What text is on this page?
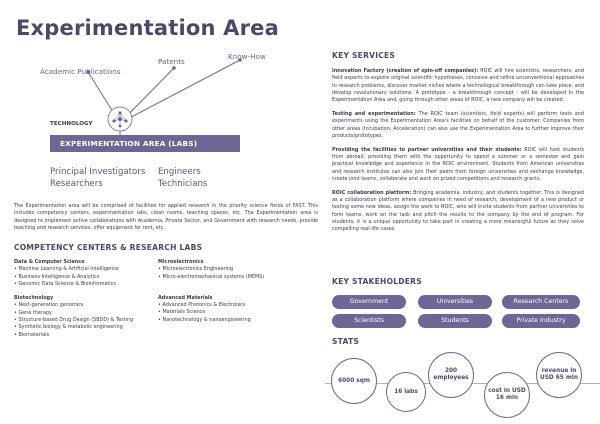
Experimentation Area
Academic Publications
Patents
Know-How
TECHNOLOGY
EXPERIMENTATION AREA (LABS)
Principal Investigators
Researchers
Engineers
Technicians
The Experimentation area will be comprised of facilities for applied research in the priority science fields of FAST. This includes competency centers, experimentation labs, clean rooms, teaching spaces, etc. The Experimentation area is designed to implement active collaborations with Academia, Private Sector, and Government with research needs, provide teaching and research services, offer equipment for rent, etc.
COMPETENCY CENTERS & RESEARCH LABS
Data & Computer Science
• Machine Learning & Artificial Intelligence
• Business Intelligence & Analytics
• Genomic Data Science & Bioinformatics
Biotechnology
• Next-generation genomics
• Gene therapy
• Structure-based Drug Design (SBDD) & Testing
• Synthetic biology & metabolic engineering
• Biomaterials
Microelectronics
• Microelectronics Engineering
• Micro-electromechanical systems (MEMS)
Advanced Materials
• Advanced Photonics & Electronics
• Materials Science
• Nanotechnology & nanoengineering
KEY SERVICES

Innovation Factory (creation of spin-off companies): ROIC will hire scientists, researchers, and field experts to explore original scientific hypotheses, conceive and refine unconventional approaches to research problems, discover market niches where a technological breakthrough can take place, and develop revolutionary solutions. A prototype - a breakthrough concept - will be developed in the Experimentation Area and, going through other areas of ROIC, a new company will be created.

Testing and experimentation: The ROIC team (scientists, field experts) will perform tests and experiments using the Experimentation Area's facilities on behalf of the customer. Companies from other areas (Incubation, Acceleration) can also use the Experimentation Area to further improve their products/prototypes.

Providing the facilities to partner universities and their students: ROIC will host students from abroad, providing them with the opportunity to spend a summer or a semester and gain practical knowledge and experience in the ROIC environment. Students from American universities and research institutes can also join their peers from foreign universities and exchange knowledge, create joint teams, collaborate and work on prized competitions and research grants.

ROIC collaboration platform: Bringing academia, industry, and students together. This is designed as a collaboration platform where companies in need of research, development of a new product or testing some new ideas, assign the work to ROIC, who will invite students from partner universities to form teams, work on the task and pitch the results to the company by the end of program. For students, it is a unique opportunity to take part in creating a more meaningful future as they solve compelling real-life cases.

KEY STAKEHOLDERS
Government	Universities	Research Centers
Scientists	Students	Private Industry
STATS
6000 sqm
16 labs
200 employees
cost in USD 16 mln
revenue in USD 65 mln
